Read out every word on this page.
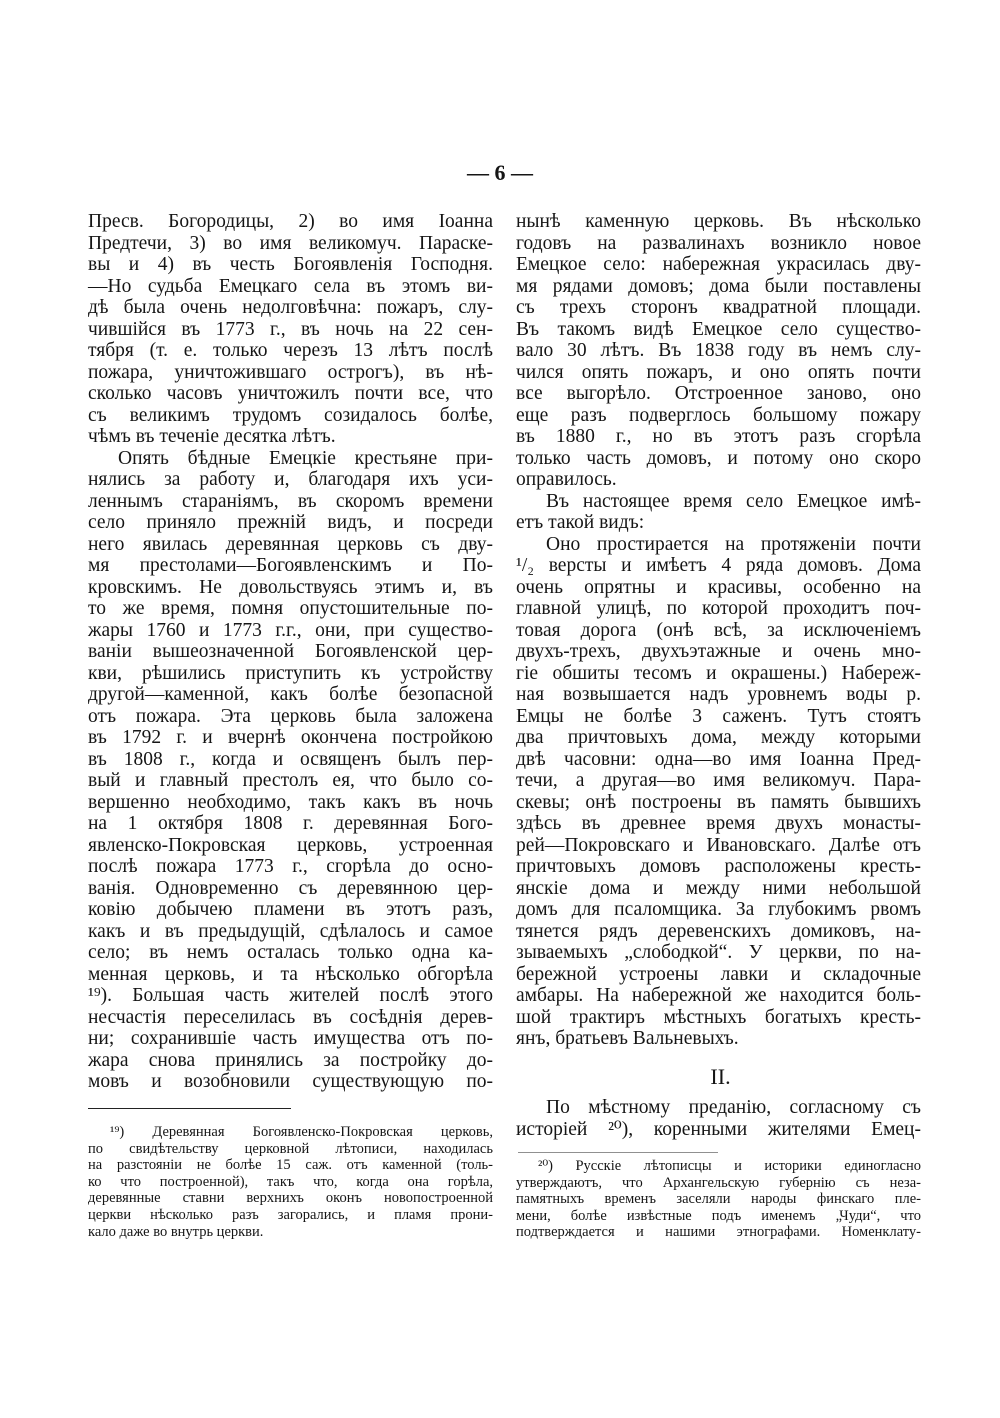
— 6 —
Пресв. Богородицы, 2) во имя Іоанна
Предтечи, 3) во имя великомуч. Параске-
вы и 4) въ честь Богоявленія Господня.
—Но судьба Емецкаго села въ этомъ ви-
дѣ была очень недолговѣчна: пожаръ, слу-
чившійся въ 1773 г., въ ночь на 22 сен-
тября (т. е. только черезъ 13 лѣтъ послѣ
пожара, уничтожившаго острогъ), въ нѣ-
сколько часовъ уничтожилъ почти все, что
съ великимъ трудомъ созидалось болѣе,
чѣмъ въ теченіе десятка лѣтъ.
Опять бѣдные Емецкіе крестьяне при-
нялись за работу и, благодаря ихъ уси-
леннымъ стараніямъ, въ скоромъ времени
село приняло прежній видъ, и посреди
него явилась деревянная церковь съ дву-
мя престолами—Богоявленскимъ и По-
кровскимъ. Не довольствуясь этимъ и, въ
то же время, помня опустошительные по-
жары 1760 и 1773 г.г., они, при существо-
ваніи вышеозначенной Богоявленской цер-
кви, рѣшились приступить къ устройству
другой—каменной, какъ болѣе безопасной
отъ пожара. Эта церковь была заложена
въ 1792 г. и вчернѣ окончена постройкою
въ 1808 г., когда и освященъ былъ пер-
вый и главный престолъ ея, что было со-
вершенно необходимо, такъ какъ въ ночь
на 1 октября 1808 г. деревянная Бого-
явленско-Покровская церковь, устроенная
послѣ пожара 1773 г., сгорѣла до осно-
ванія. Одновременно съ деревянною цер-
ковію добычею пламени въ этотъ разъ,
какъ и въ предыдущій, сдѣлалось и самое
село; въ немъ осталась только одна ка-
менная церковь, и та нѣсколько обгорѣла
¹⁹). Большая часть жителей послѣ этого
несчастія переселилась въ сосѣднія дерев-
ни; сохранившіе часть имущества отъ по-
жара снова принялись за постройку до-
мовъ и возобновили существующую по-
¹⁹) Деревянная Богоявленско-Покровская церковь,
по свидѣтельству церковной лѣтописи, находилась
на разстояніи не болѣе 15 саж. отъ каменной (толь-
ко что построенной), такъ что, когда она горѣла,
деревянные ставни верхнихъ оконъ новопостроенной
церкви нѣсколько разъ загорались, и пламя прони-
кало даже во внутрь церкви.
нынѣ каменную церковь. Въ нѣсколько
годовъ на развалинахъ возникло новое
Емецкое село: набережная украсилась дву-
мя рядами домовъ; дома были поставлены
съ трехъ сторонъ квадратной площади.
Въ такомъ видѣ Емецкое село существо-
вало 30 лѣтъ. Въ 1838 году въ немъ слу-
чился опять пожаръ, и оно опять почти
все выгорѣло. Отстроенное заново, оно
еще разъ подверглось большому пожару
въ 1880 г., но въ этотъ разъ сгорѣла
только часть домовъ, и потому оно скоро
оправилось.
Въ настоящее время село Емецкое имѣ-
етъ такой видъ:
Оно простирается на протяженіи почти
¹/₂ версты и имѣетъ 4 ряда домовъ. Дома
очень опрятны и красивы, особенно на
главной улицѣ, по которой проходитъ поч-
товая дорога (онѣ всѣ, за исключеніемъ
двухъ-трехъ, двухъэтажные и очень мно-
гіе обшиты тесомъ и окрашены.) Набереж-
ная возвышается надъ уровнемъ воды р.
Емцы не болѣе 3 саженъ. Тутъ стоятъ
два причтовыхъ дома, между которыми
двѣ часовни: одна—во имя Іоанна Пред-
течи, а другая—во имя великомуч. Пара-
скевы; онѣ построены въ память бывшихъ
здѣсь въ древнее время двухъ монасты-
рей—Покровскаго и Ивановскаго. Далѣе отъ
причтовыхъ домовъ расположены кресть-
янскіе дома и между ними небольшой
домъ для псаломщика. За глубокимъ рвомъ
тянется рядъ деревенскихъ домиковъ, на-
зываемыхъ „слободкой“. У церкви, по на-
бережной устроены лавки и складочные
амбары. На набережной же находится боль-
шой трактиръ мѣстныхъ богатыхъ кресть-
янъ, братьевъ Вальневыхъ.
II.
По мѣстному преданію, согласному съ
исторіей ²⁰), коренными жителями Емец-
²⁰) Русскіе лѣтописцы и историки единогласно
утверждаютъ, что Архангельскую губернію съ неза-
памятныхъ временъ заселяли народы финскаго пле-
мени, болѣе извѣстные подъ именемъ „Чуди“, что
подтверждается и нашими этнографами. Номенклату-
